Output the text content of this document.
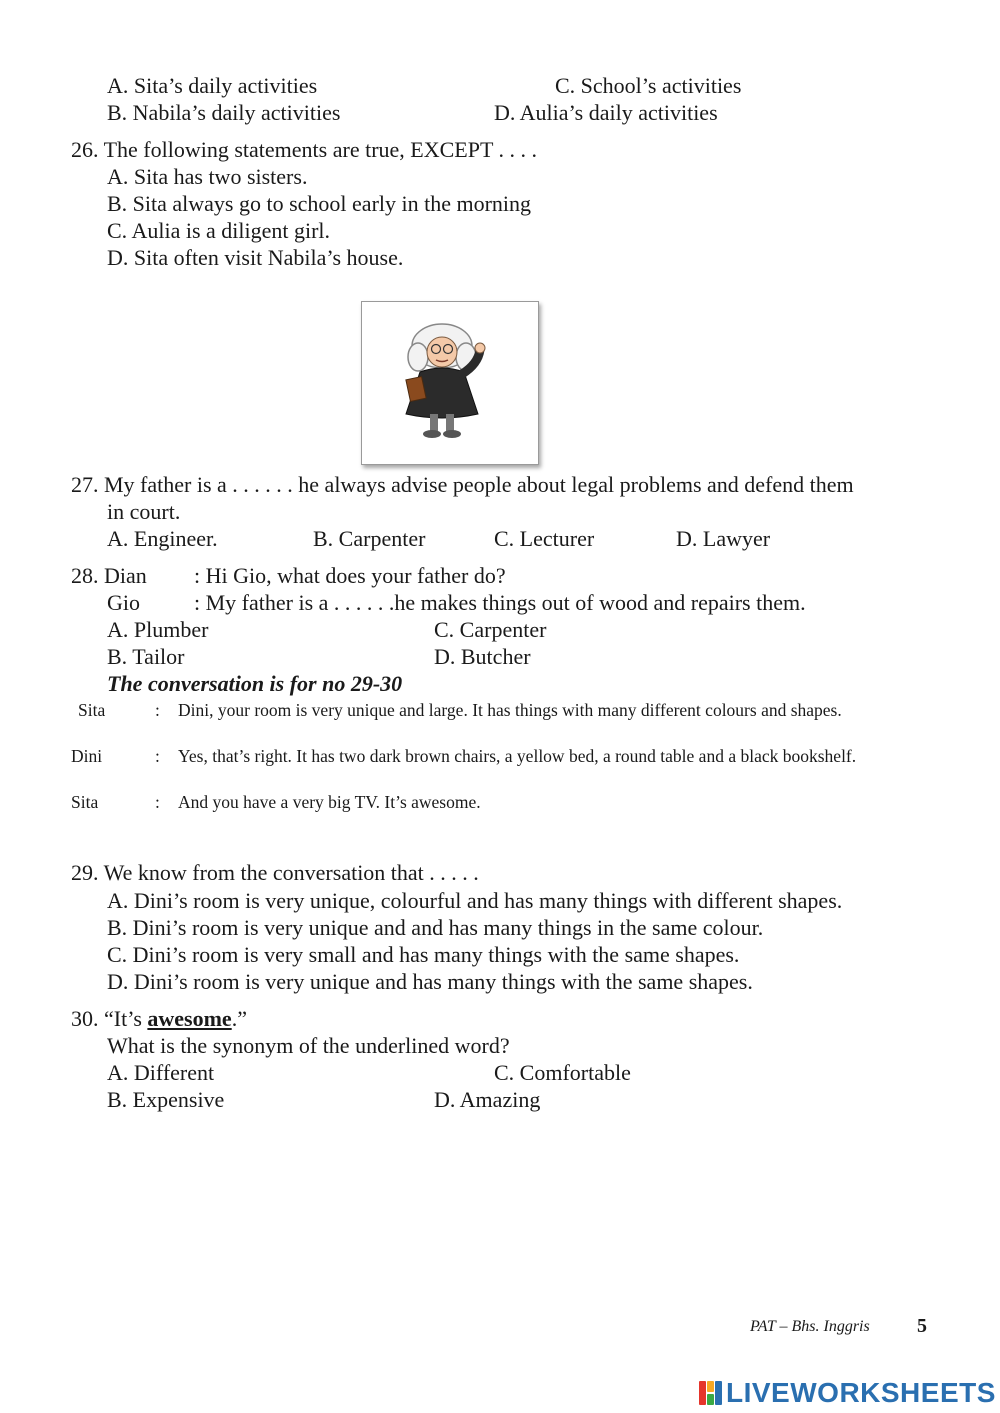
A. Sita’s daily activities	C. School’s activities
B. Nabila’s daily activities	D. Aulia’s daily activities
26. The following statements are true, EXCEPT . . . .
A. Sita has two sisters.
B. Sita always go to school early in the morning
C. Aulia is a diligent girl.
D. Sita often visit Nabila’s house.
27. My father is a . . . . . . he always advise people about legal problems and defend them
in court.
A. Engineer.	B. Carpenter	C. Lecturer	D. Lawyer
28. Dian : Hi Gio, what does your father do?
Gio : My father is a . . . . . .he makes things out of wood and repairs them.
A. Plumber	C. Carpenter
B. Tailor	D. Butcher
The conversation is for no 29-30
Sita	: Dini, your room is very unique and large. It has things with many different colours and shapes.
Dini	: Yes, that’s right. It has two dark brown chairs, a yellow bed, a round table and a black bookshelf.
Sita	: And you have a very big TV. It’s awesome.
29. We know from the conversation that . . . . .
A. Dini’s room is very unique, colourful and has many things with different shapes.
B. Dini’s room is very unique and and has many things in the same colour.
C. Dini’s room is very small and has many things with the same shapes.
D. Dini’s room is very unique and has many things with the same shapes.
30. “It’s awesome.”
What is the synonym of the underlined word?
A. Different	C. Comfortable
B. Expensive	D. Amazing
PAT – Bhs. Inggris 5
LIVEWORKSHEETS
